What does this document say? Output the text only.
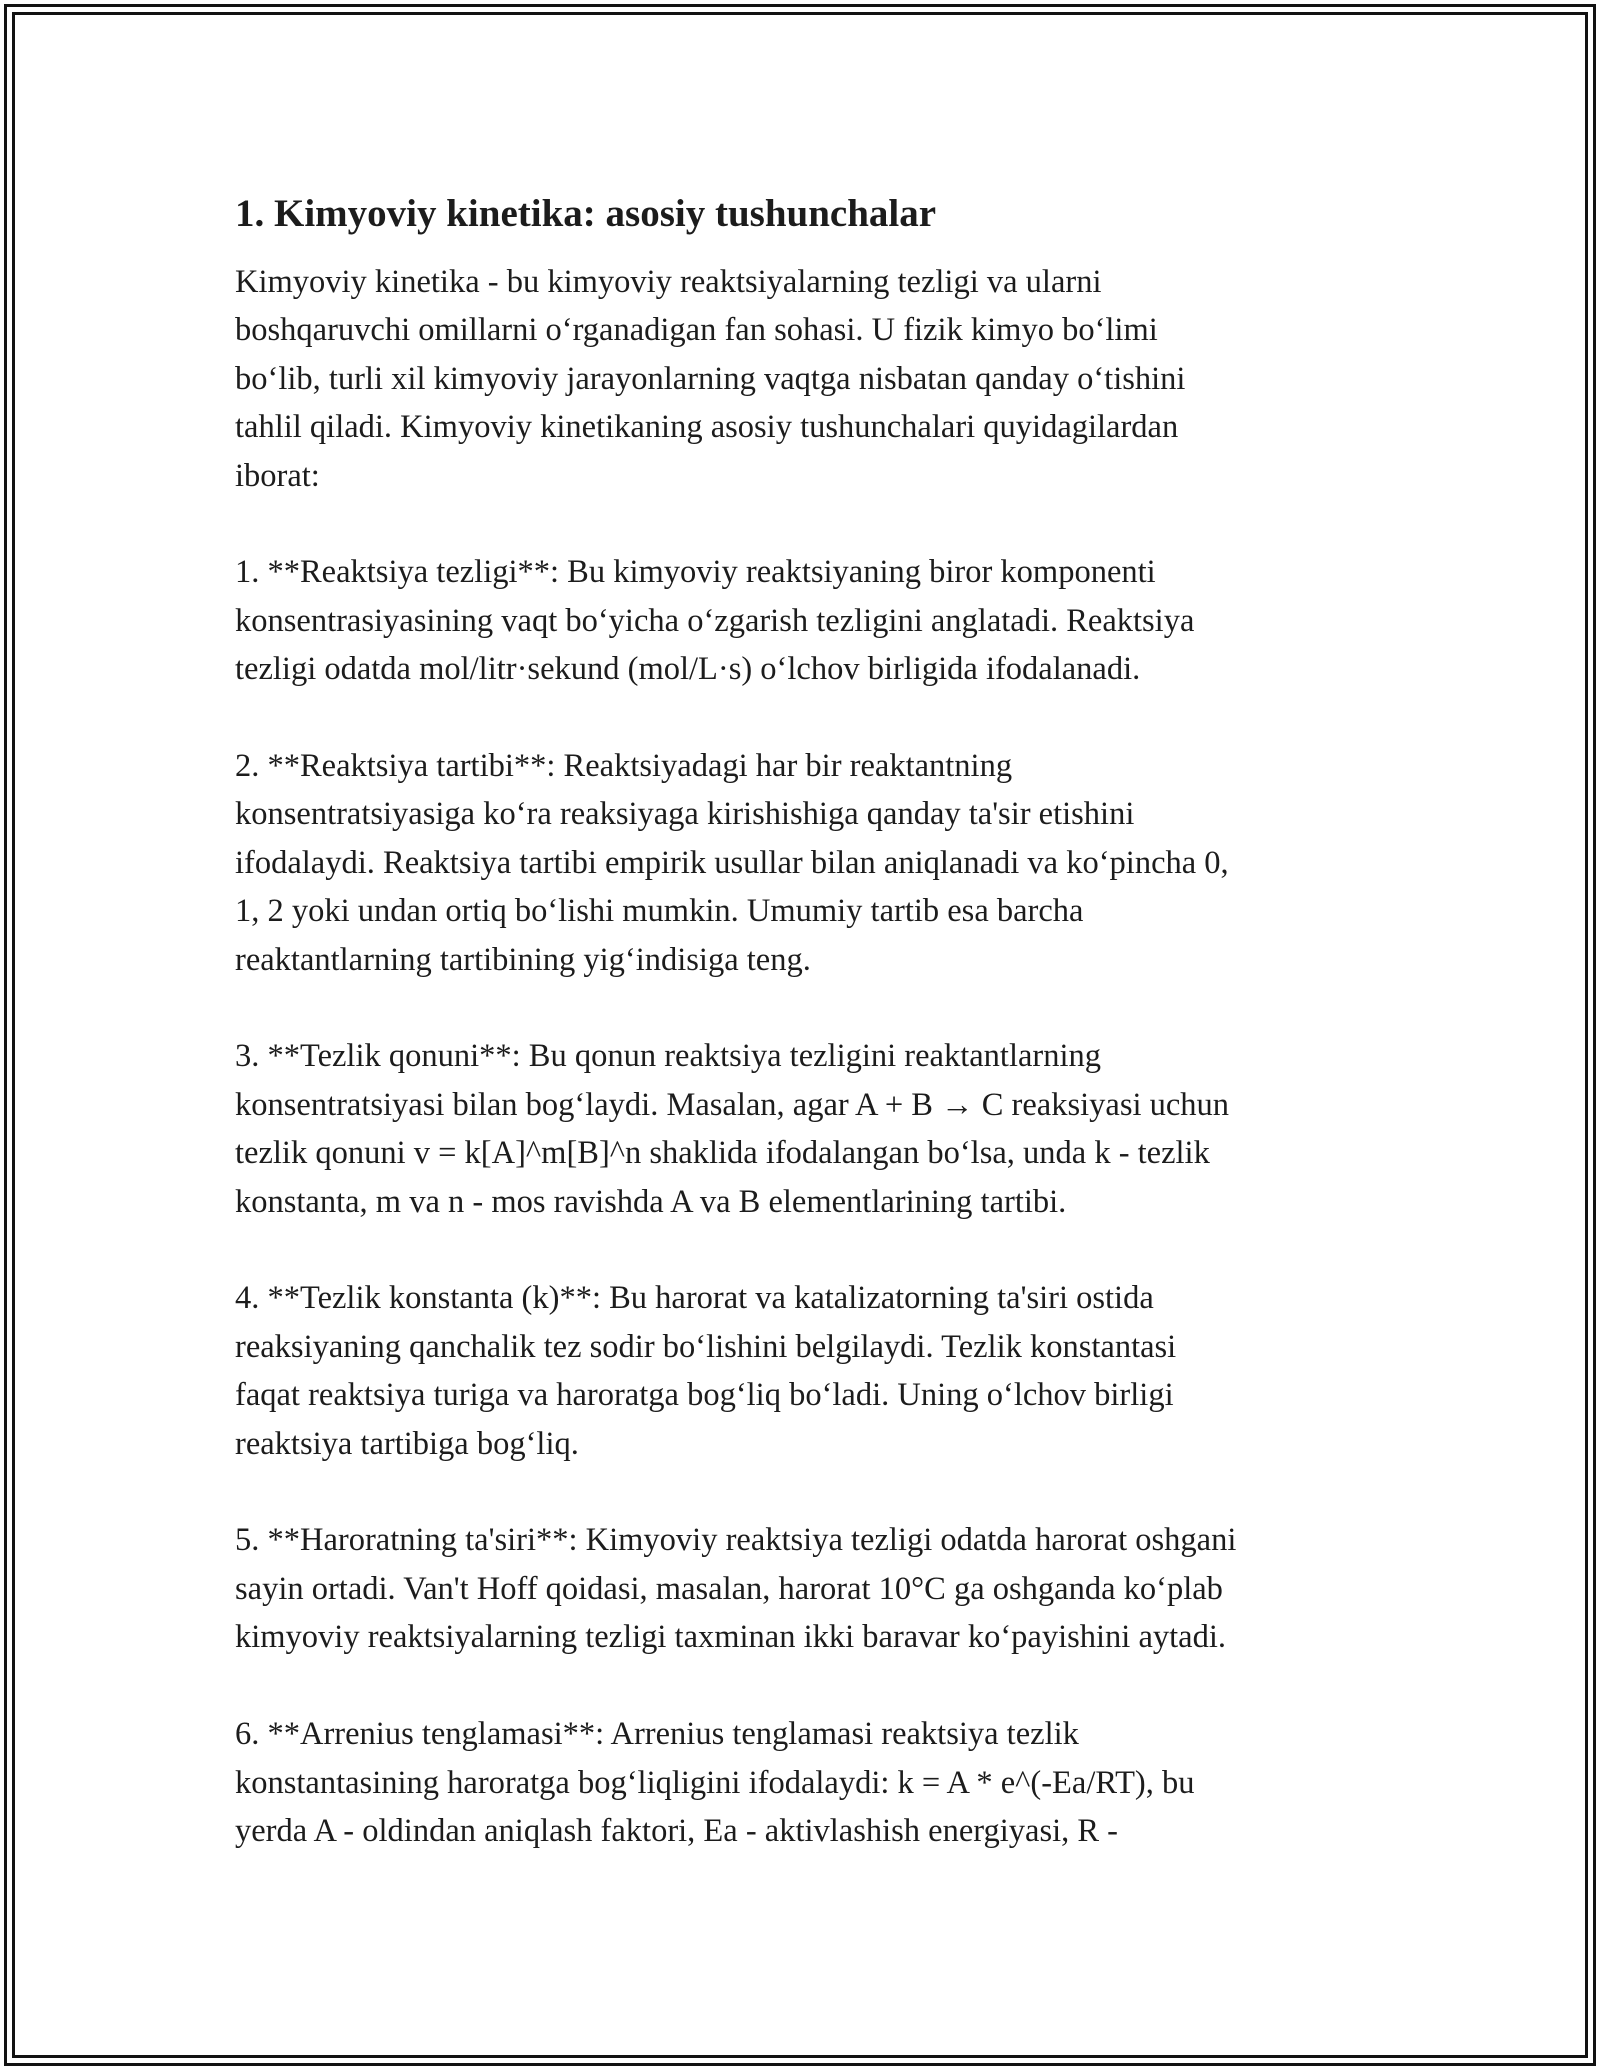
1. Kimyoviy kinetika: asosiy tushunchalar

Kimyoviy kinetika - bu kimyoviy reaktsiyalarning tezligi va ularni
boshqaruvchi omillarni oʻrganadigan fan sohasi. U fizik kimyo boʻlimi
boʻlib, turli xil kimyoviy jarayonlarning vaqtga nisbatan qanday oʻtishini
tahlil qiladi. Kimyoviy kinetikaning asosiy tushunchalari quyidagilardan
iborat:

1. **Reaktsiya tezligi**: Bu kimyoviy reaktsiyaning biror komponenti
konsentrasiyasining vaqt boʻyicha oʻzgarish tezligini anglatadi. Reaktsiya
tezligi odatda mol/litr·sekund (mol/L·s) oʻlchov birligida ifodalanadi.

2. **Reaktsiya tartibi**: Reaktsiyadagi har bir reaktantning
konsentratsiyasiga koʻra reaksiyaga kirishishiga qanday ta'sir etishini
ifodalaydi. Reaktsiya tartibi empirik usullar bilan aniqlanadi va koʻpincha 0,
1, 2 yoki undan ortiq boʻlishi mumkin. Umumiy tartib esa barcha
reaktantlarning tartibining yigʻindisiga teng.

3. **Tezlik qonuni**: Bu qonun reaktsiya tezligini reaktantlarning
konsentratsiyasi bilan bogʻlaydi. Masalan, agar A + B → C reaksiyasi uchun
tezlik qonuni v = k[A]^m[B]^n shaklida ifodalangan boʻlsa, unda k - tezlik
konstanta, m va n - mos ravishda A va B elementlarining tartibi.

4. **Tezlik konstanta (k)**: Bu harorat va katalizatorning ta'siri ostida
reaksiyaning qanchalik tez sodir boʻlishini belgilaydi. Tezlik konstantasi
faqat reaktsiya turiga va haroratga bogʻliq boʻladi. Uning oʻlchov birligi
reaktsiya tartibiga bogʻliq.

5. **Haroratning ta'siri**: Kimyoviy reaktsiya tezligi odatda harorat oshgani
sayin ortadi. Van't Hoff qoidasi, masalan, harorat 10°C ga oshganda koʻplab
kimyoviy reaktsiyalarning tezligi taxminan ikki baravar koʻpayishini aytadi.

6. **Arrenius tenglamasi**: Arrenius tenglamasi reaktsiya tezlik
konstantasining haroratga bogʻliqligini ifodalaydi: k = A * e^(-Ea/RT), bu
yerda A - oldindan aniqlash faktori, Ea - aktivlashish energiyasi, R -
